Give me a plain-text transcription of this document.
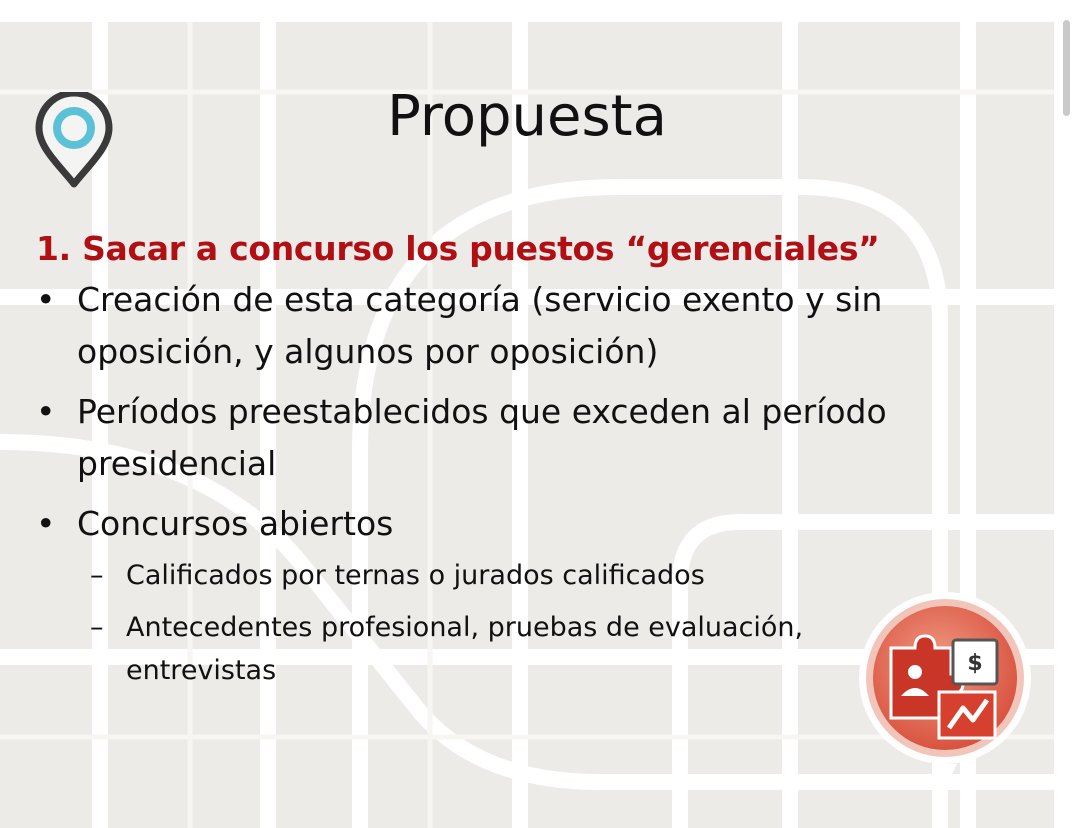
Propuesta
1. Sacar a concurso los puestos “gerenciales”
• Creación de esta categoría (servicio exento y sin oposición, y algunos por oposición)
• Períodos preestablecidos que exceden al período presidencial
• Concursos abiertos
– Calificados por ternas o jurados calificados
– Antecedentes profesional, pruebas de evaluación, entrevistas	$
